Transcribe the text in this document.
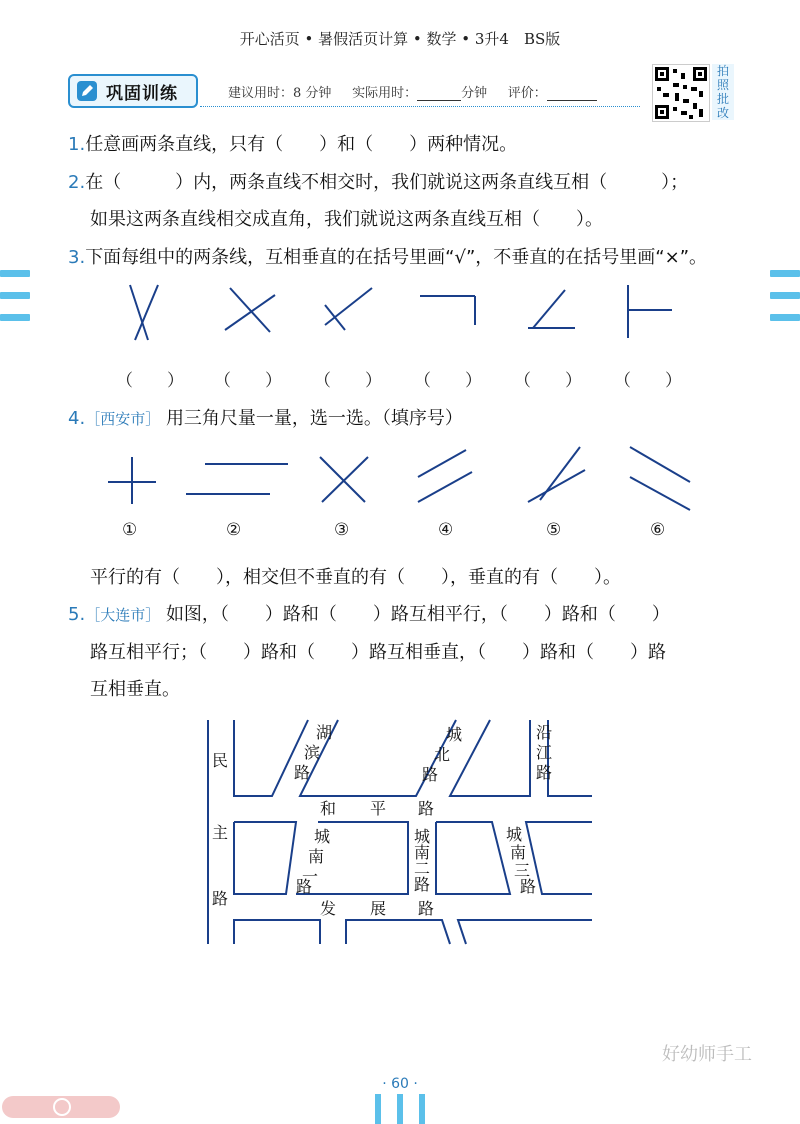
开心活页 • 暑假活页计算 • 数学 • 3升4　BS版
巩固训练	建议用时：8 分钟 实际用时：	分钟 评价：
拍
照
批
改
1.任意画两条直线，只有（　　）和（　　）两种情况。
2.在（　　　）内，两条直线不相交时，我们就说这两条直线互相（　　　）；
如果这两条直线相交成直角，我们就说这两条直线互相（　　）。
3.下面每组中的两条线，互相垂直的在括号里画“√”，不垂直的在括号里画“×”。
（　　） （　　） （　　） （　　） （　　） （　　）
4.［西安市］ 用三角尺量一量，选一选。（填序号）
①	②	③	④	⑤	⑥
平行的有（　　），相交但不垂直的有（　　），垂直的有（　　）。
5.［大连市］ 如图，（　　）路和（　　）路互相平行，（　　）路和（　　）
路互相平行；（　　）路和（　　）路互相垂直，（　　）路和（　　）路
互相垂直。
民
主
路
湖
滨
路
城
北
路
沿
江
路
和 平 路
城
南
一
路
城
南
二
路
城
南
三
路
发 展 路
好幼师手工
· 60 ·
